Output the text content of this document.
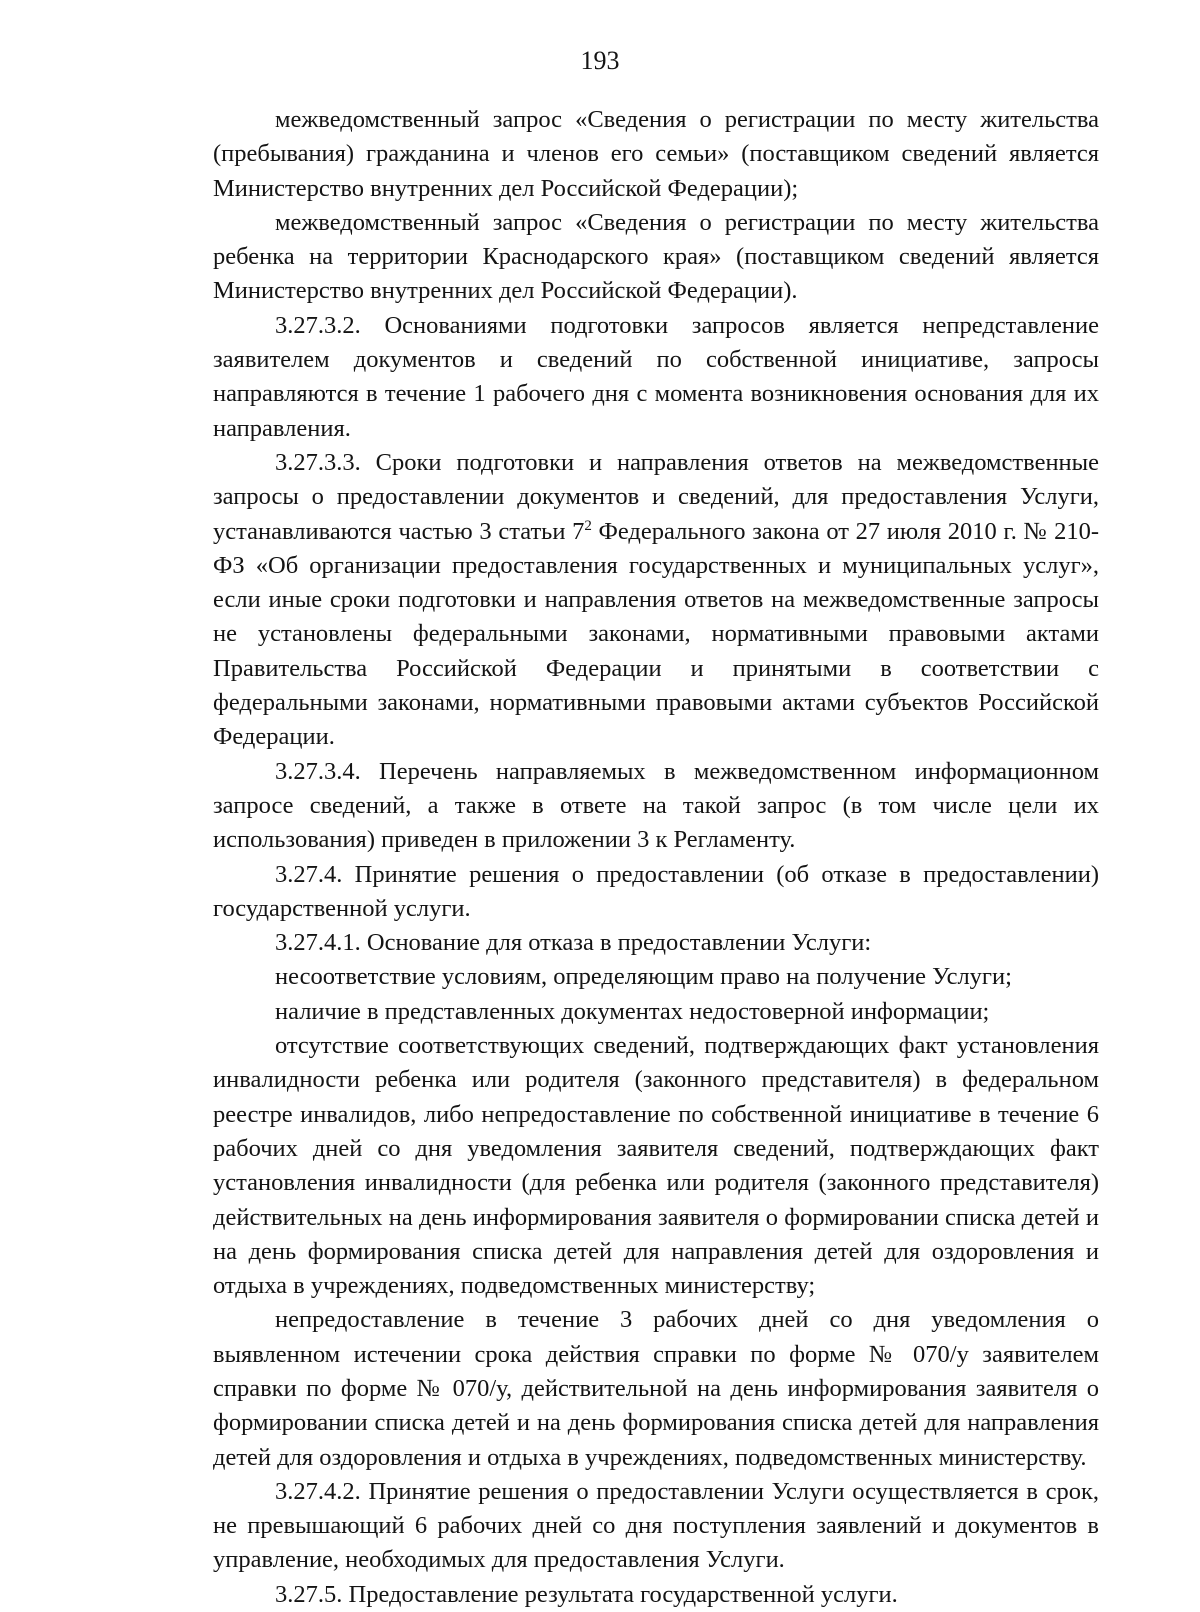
193

межведомственный запрос «Сведения о регистрации по месту жительства (пребывания) гражданина и членов его семьи» (поставщиком сведений является Министерство внутренних дел Российской Федерации);

межведомственный запрос «Сведения о регистрации по месту жительства ребенка на территории Краснодарского края» (поставщиком сведений является Министерство внутренних дел Российской Федерации).

3.27.3.2. Основаниями подготовки запросов является непредставление заявителем документов и сведений по собственной инициативе, запросы направляются в течение 1 рабочего дня с момента возникновения основания для их направления.

3.27.3.3. Сроки подготовки и направления ответов на межведомственные запросы о предоставлении документов и сведений, для предоставления Услуги, устанавливаются частью 3 статьи $7^2$ Федерального закона от 27 июля 2010 г. № 210-ФЗ «Об организации предоставления государственных и муниципальных услуг», если иные сроки подготовки и направления ответов на межведомственные запросы не установлены федеральными законами, нормативными правовыми актами Правительства Российской Федерации и принятыми в соответствии с федеральными законами, нормативными правовыми актами субъектов Российской Федерации.

3.27.3.4. Перечень направляемых в межведомственном информационном запросе сведений, а также в ответе на такой запрос (в том числе цели их использования) приведен в приложении 3 к Регламенту.

3.27.4. Принятие решения о предоставлении (об отказе в предоставлении) государственной услуги.

3.27.4.1. Основание для отказа в предоставлении Услуги:

несоответствие условиям, определяющим право на получение Услуги;

наличие в представленных документах недостоверной информации;

отсутствие соответствующих сведений, подтверждающих факт установления инвалидности ребенка или родителя (законного представителя) в федеральном реестре инвалидов, либо непредоставление по собственной инициативе в течение 6 рабочих дней со дня уведомления заявителя сведений, подтверждающих факт установления инвалидности (для ребенка или родителя (законного представителя) действительных на день информирования заявителя о формировании списка детей и на день формирования списка детей для направления детей для оздоровления и отдыха в учреждениях, подведомственных министерству;

непредоставление в течение 3 рабочих дней со дня уведомления о выявленном истечении срока действия справки по форме № 070/у заявителем справки по форме № 070/у, действительной на день информирования заявителя о формировании списка детей и на день формирования списка детей для направления детей для оздоровления и отдыха в учреждениях, подведомственных министерству.

3.27.4.2. Принятие решения о предоставлении Услуги осуществляется в срок, не превышающий 6 рабочих дней со дня поступления заявлений и документов в управление, необходимых для предоставления Услуги.

3.27.5. Предоставление результата государственной услуги.
